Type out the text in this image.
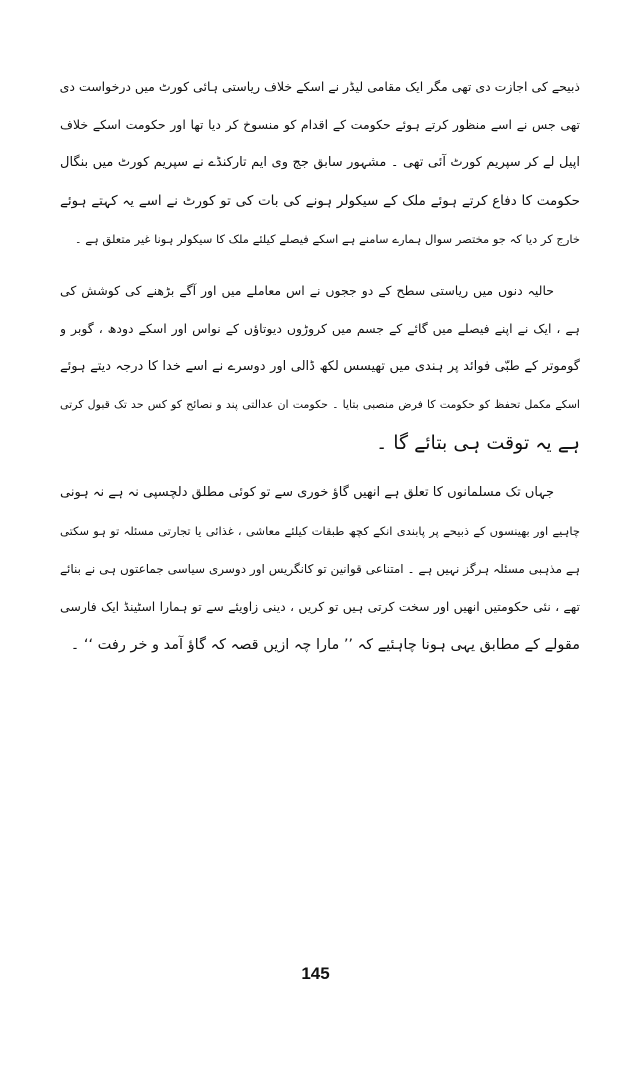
ذبیحے کی اجازت دی تھی مگر ایک مقامی لیڈر نے اسکے خلاف ریاستی ہائی کورٹ میں درخواست دی
تھی جس نے اسے منظور کرتے ہوئے حکومت کے اقدام کو منسوخ کر دیا تھا اور حکومت اسکے خلاف
اپیل لے کر سپریم کورٹ آئی تھی ۔ مشہور سابق جج وی ایم تارکنڈے نے سپریم کورٹ میں بنگال
حکومت کا دفاع کرتے ہوئے ملک کے سیکولر ہونے کی بات کی تو کورٹ نے اسے یہ کہتے ہوئے
خارج کر دیا کہ جو مختصر سوال ہمارے سامنے ہے اسکے فیصلے کیلئے ملک کا سیکولر ہونا غیر متعلق ہے ۔
حالیہ دنوں میں ریاستی سطح کے دو ججوں نے اس معاملے میں اور آگے بڑھنے کی کوشش کی
ہے ، ایک نے اپنے فیصلے میں گائے کے جسم میں کروڑوں دیوتاؤں کے نواس اور اسکے دودھ ، گوبر و
گوموتر کے طبّی فوائد پر ہندی میں تھیسس لکھ ڈالی اور دوسرے نے اسے خدا کا درجہ دیتے ہوئے
اسکے مکمل تحفظ کو حکومت کا فرض منصبی بتایا ۔ حکومت ان عدالتی پند و نصائح کو کس حد تک قبول کرتی
ہے یہ توقت ہی بتائے گا ۔
جہاں تک مسلمانوں کا تعلق ہے انھیں گاؤ خوری سے تو کوئی مطلق دلچسپی نہ ہے نہ ہونی
چاہیے اور بھینسوں کے ذبیحے پر پابندی انکے کچھ طبقات کیلئے معاشی ، غذائی یا تجارتی مسئلہ تو ہو سکتی
ہے مذہبی مسئلہ ہرگز نہیں ہے ۔ امتناعی قوانین تو کانگریس اور دوسری سیاسی جماعتوں ہی نے بنائے
تھے ، نئی حکومتیں انھیں اور سخت کرتی ہیں تو کریں ، دینی زاویئے سے تو ہمارا اسٹینڈ ایک فارسی
مقولے کے مطابق یہی ہونا چاہئیے کہ ’’ مارا چہ ازیں قصہ کہ گاؤ آمد و خر رفت ‘‘ ۔
145
